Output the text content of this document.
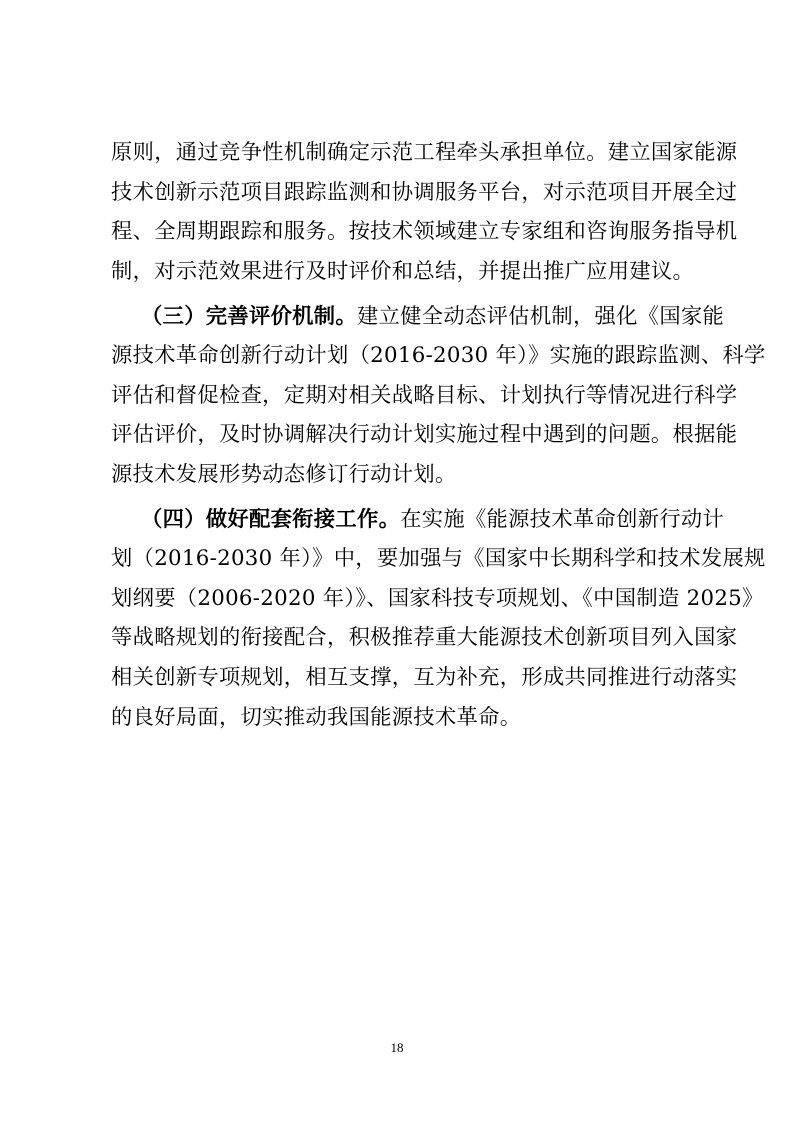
原则，通过竞争性机制确定示范工程牵头承担单位。建立国家能源
技术创新示范项目跟踪监测和协调服务平台，对示范项目开展全过
程、全周期跟踪和服务。按技术领域建立专家组和咨询服务指导机
制，对示范效果进行及时评价和总结，并提出推广应用建议。
（三）完善评价机制。建立健全动态评估机制，强化《国家能
源技术革命创新行动计划（2016-2030 年）》实施的跟踪监测、科学
评估和督促检查，定期对相关战略目标、计划执行等情况进行科学
评估评价，及时协调解决行动计划实施过程中遇到的问题。根据能
源技术发展形势动态修订行动计划。
（四）做好配套衔接工作。在实施《能源技术革命创新行动计
划（2016-2030 年）》中，要加强与《国家中长期科学和技术发展规
划纲要（2006-2020 年）》、国家科技专项规划、《中国制造 2025》
等战略规划的衔接配合，积极推荐重大能源技术创新项目列入国家
相关创新专项规划，相互支撑，互为补充，形成共同推进行动落实
的良好局面，切实推动我国能源技术革命。
18
